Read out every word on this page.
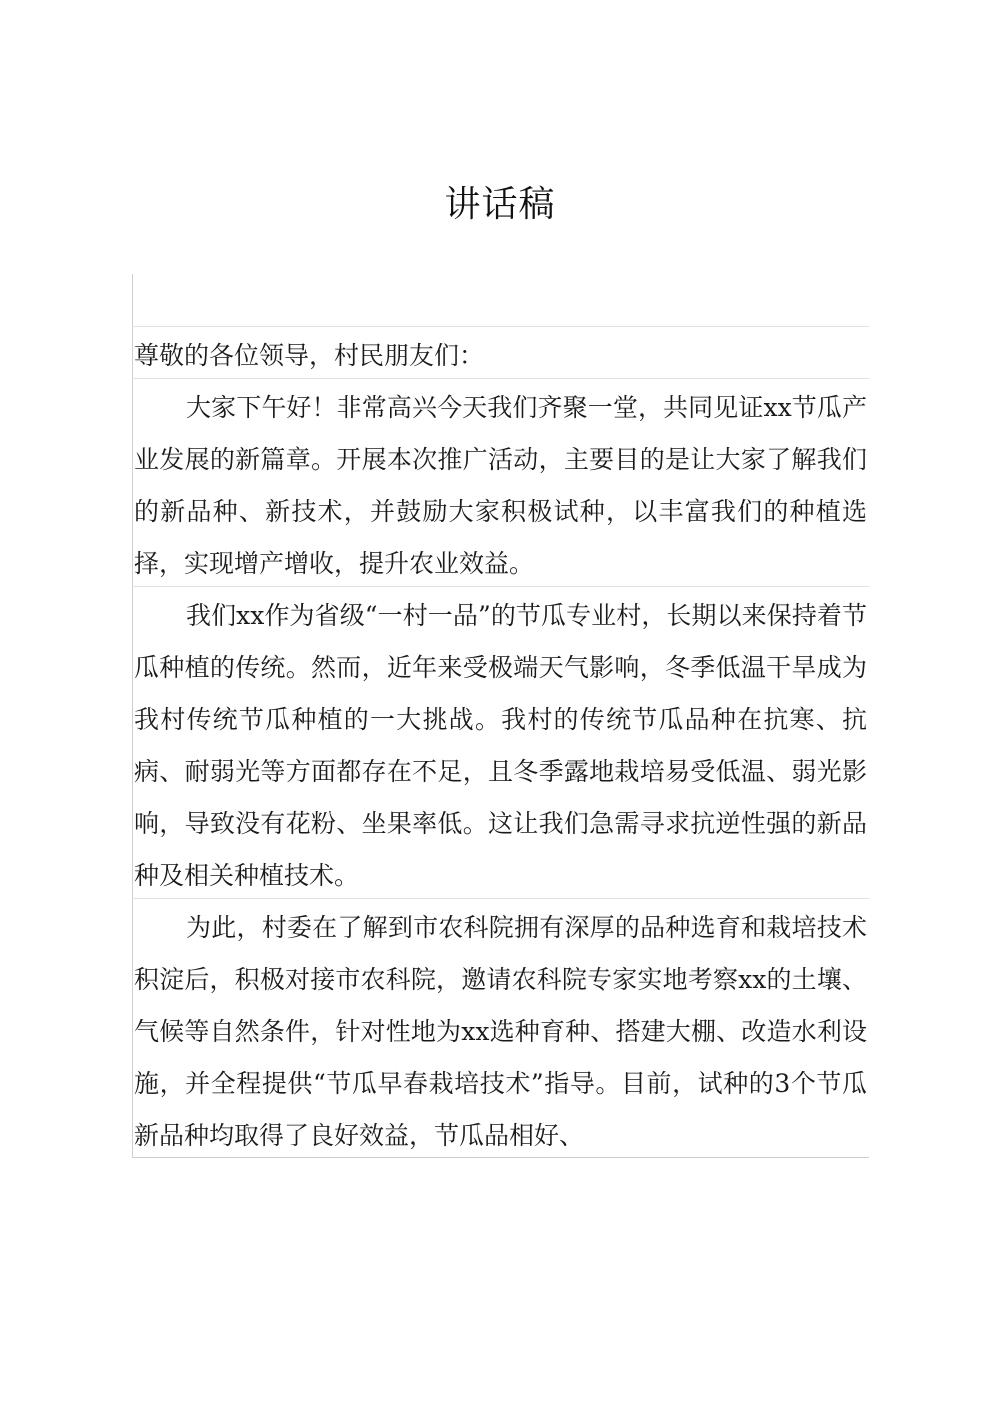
讲话稿
尊敬的各位领导，村民朋友们：

大家下午好！非常高兴今天我们齐聚一堂，共同见证xx节瓜产业发展的新篇章。开展本次推广活动，主要目的是让大家了解我们的新品种、新技术，并鼓励大家积极试种，以丰富我们的种植选择，实现增产增收，提升农业效益。

我们xx作为省级“一村一品”的节瓜专业村，长期以来保持着节瓜种植的传统。然而，近年来受极端天气影响，冬季低温干旱成为我村传统节瓜种植的一大挑战。我村的传统节瓜品种在抗寒、抗病、耐弱光等方面都存在不足，且冬季露地栽培易受低温、弱光影响，导致没有花粉、坐果率低。这让我们急需寻求抗逆性强的新品种及相关种植技术。

为此，村委在了解到市农科院拥有深厚的品种选育和栽培技术积淀后，积极对接市农科院，邀请农科院专家实地考察xx的土壤、气候等自然条件，针对性地为xx选种育种、搭建大棚、改造水利设施，并全程提供“节瓜早春栽培技术”指导。目前，试种的3个节瓜新品种均取得了良好效益，节瓜品相好、
